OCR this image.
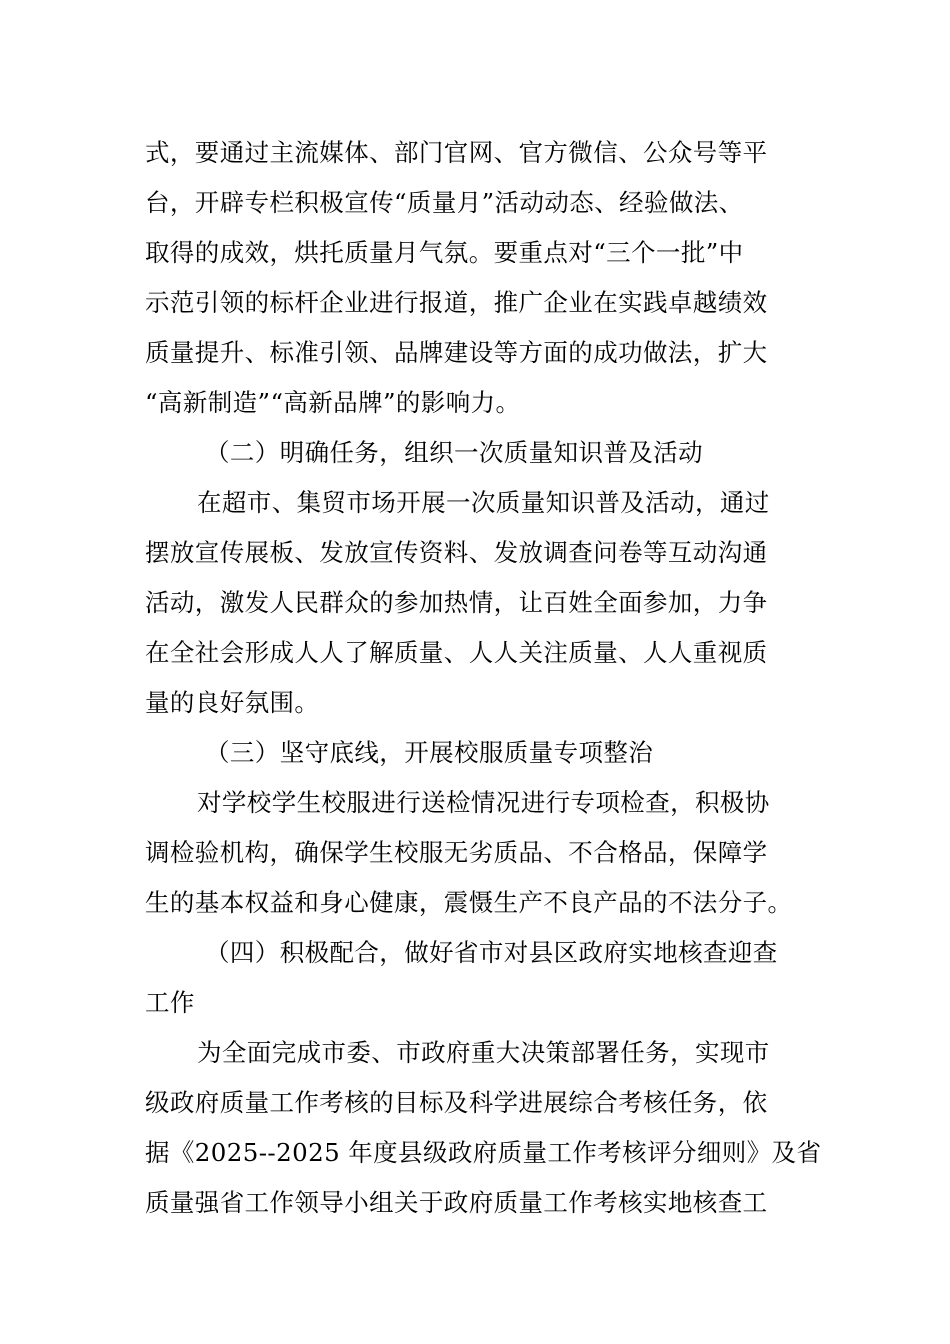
式，要通过主流媒体、部门官网、官方微信、公众号等平
台，开辟专栏积极宣传“质量月”活动动态、经验做法、
取得的成效，烘托质量月气氛。要重点对“三个一批”中
示范引领的标杆企业进行报道，推广企业在实践卓越绩效
质量提升、标准引领、品牌建设等方面的成功做法，扩大
“高新制造”“高新品牌”的影响力。
（二）明确任务，组织一次质量知识普及活动
在超市、集贸市场开展一次质量知识普及活动，通过
摆放宣传展板、发放宣传资料、发放调查问卷等互动沟通
活动，激发人民群众的参加热情，让百姓全面参加，力争
在全社会形成人人了解质量、人人关注质量、人人重视质
量的良好氛围。
（三）坚守底线，开展校服质量专项整治
对学校学生校服进行送检情况进行专项检查，积极协
调检验机构，确保学生校服无劣质品、不合格品，保障学
生的基本权益和身心健康，震慑生产不良产品的不法分子。
（四）积极配合，做好省市对县区政府实地核查迎查
工作
为全面完成市委、市政府重大决策部署任务，实现市
级政府质量工作考核的目标及科学进展综合考核任务，依
据《2025--2025 年度县级政府质量工作考核评分细则》及省
质量强省工作领导小组关于政府质量工作考核实地核查工
